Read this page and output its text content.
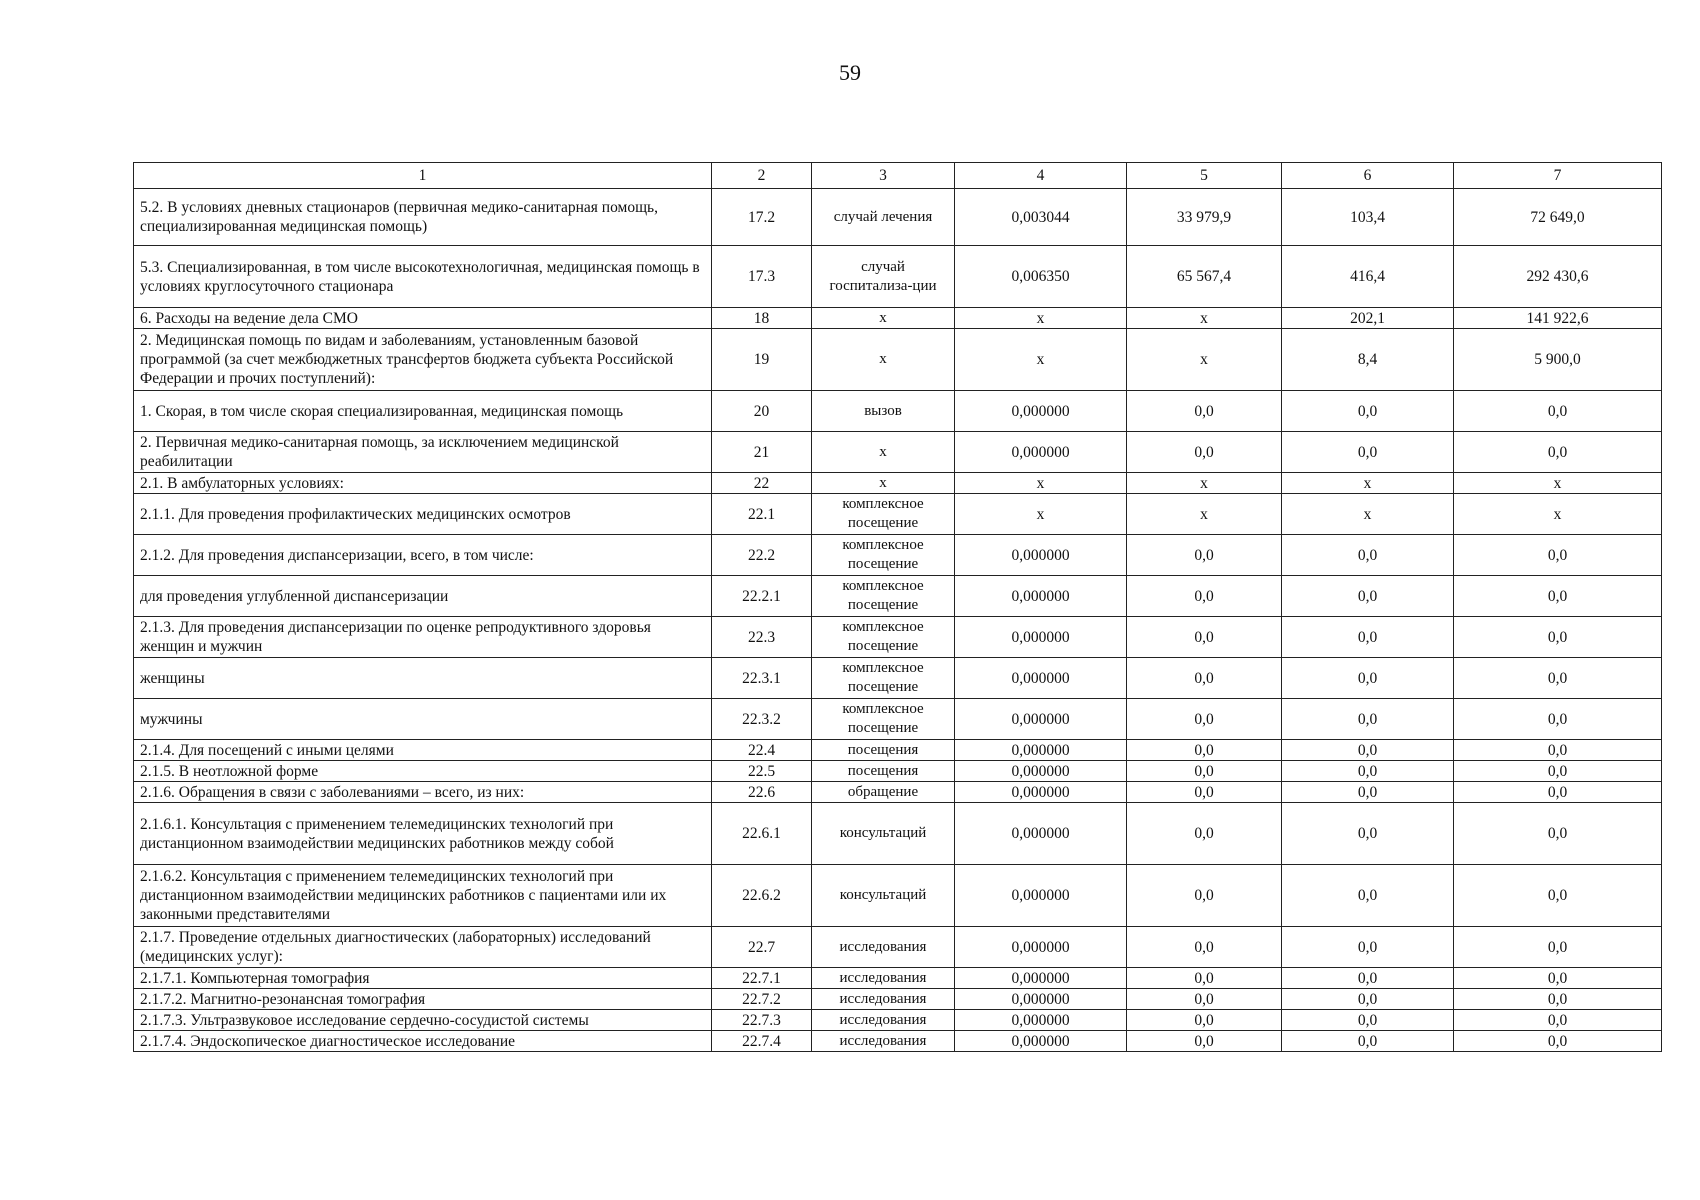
59
1	2	3	4	5	6	7
5.2. В условиях дневных стационаров (первичная медико-санитарная помощь, специализированная медицинская помощь)	17.2	случай лечения	0,003044	33 979,9	103,4	72 649,0
5.3. Специализированная, в том числе высокотехнологичная, медицинская помощь в условиях круглосуточного стационара	17.3	случай госпитализа-ции	0,006350	65 567,4	416,4	292 430,6
6. Расходы на ведение дела СМО	18	х	х	х	202,1	141 922,6
2. Медицинская помощь по видам и заболеваниям, установленным базовой программой (за счет межбюджетных трансфертов бюджета субъекта Российской Федерации и прочих поступлений):	19	х	х	х	8,4	5 900,0
1. Скорая, в том числе скорая специализированная, медицинская помощь	20	вызов	0,000000	0,0	0,0	0,0
2. Первичная медико-санитарная помощь, за исключением медицинской реабилитации	21	х	0,000000	0,0	0,0	0,0
2.1. В амбулаторных условиях:	22	х	х	х	х	х
2.1.1. Для проведения профилактических медицинских осмотров	22.1	комплексное посещение	х	х	х	х
2.1.2. Для проведения диспансеризации, всего, в том числе:	22.2	комплексное посещение	0,000000	0,0	0,0	0,0
для проведения углубленной диспансеризации	22.2.1	комплексное посещение	0,000000	0,0	0,0	0,0
2.1.3. Для проведения диспансеризации по оценке репродуктивного здоровья женщин и мужчин	22.3	комплексное посещение	0,000000	0,0	0,0	0,0
женщины	22.3.1	комплексное посещение	0,000000	0,0	0,0	0,0
мужчины	22.3.2	комплексное посещение	0,000000	0,0	0,0	0,0
2.1.4. Для посещений с иными целями	22.4	посещения	0,000000	0,0	0,0	0,0
2.1.5. В неотложной форме	22.5	посещения	0,000000	0,0	0,0	0,0
2.1.6. Обращения в связи с заболеваниями – всего, из них:	22.6	обращение	0,000000	0,0	0,0	0,0
2.1.6.1. Консультация с применением телемедицинских технологий при дистанционном взаимодействии медицинских работников между собой	22.6.1	консультаций	0,000000	0,0	0,0	0,0
2.1.6.2. Консультация с применением телемедицинских технологий при дистанционном взаимодействии медицинских работников с пациентами или их законными представителями	22.6.2	консультаций	0,000000	0,0	0,0	0,0
2.1.7. Проведение отдельных диагностических (лабораторных) исследований (медицинских услуг):	22.7	исследования	0,000000	0,0	0,0	0,0
2.1.7.1. Компьютерная томография	22.7.1	исследования	0,000000	0,0	0,0	0,0
2.1.7.2. Магнитно-резонансная томография	22.7.2	исследования	0,000000	0,0	0,0	0,0
2.1.7.3. Ультразвуковое исследование сердечно-сосудистой системы	22.7.3	исследования	0,000000	0,0	0,0	0,0
2.1.7.4. Эндоскопическое диагностическое исследование	22.7.4	исследования	0,000000	0,0	0,0	0,0
